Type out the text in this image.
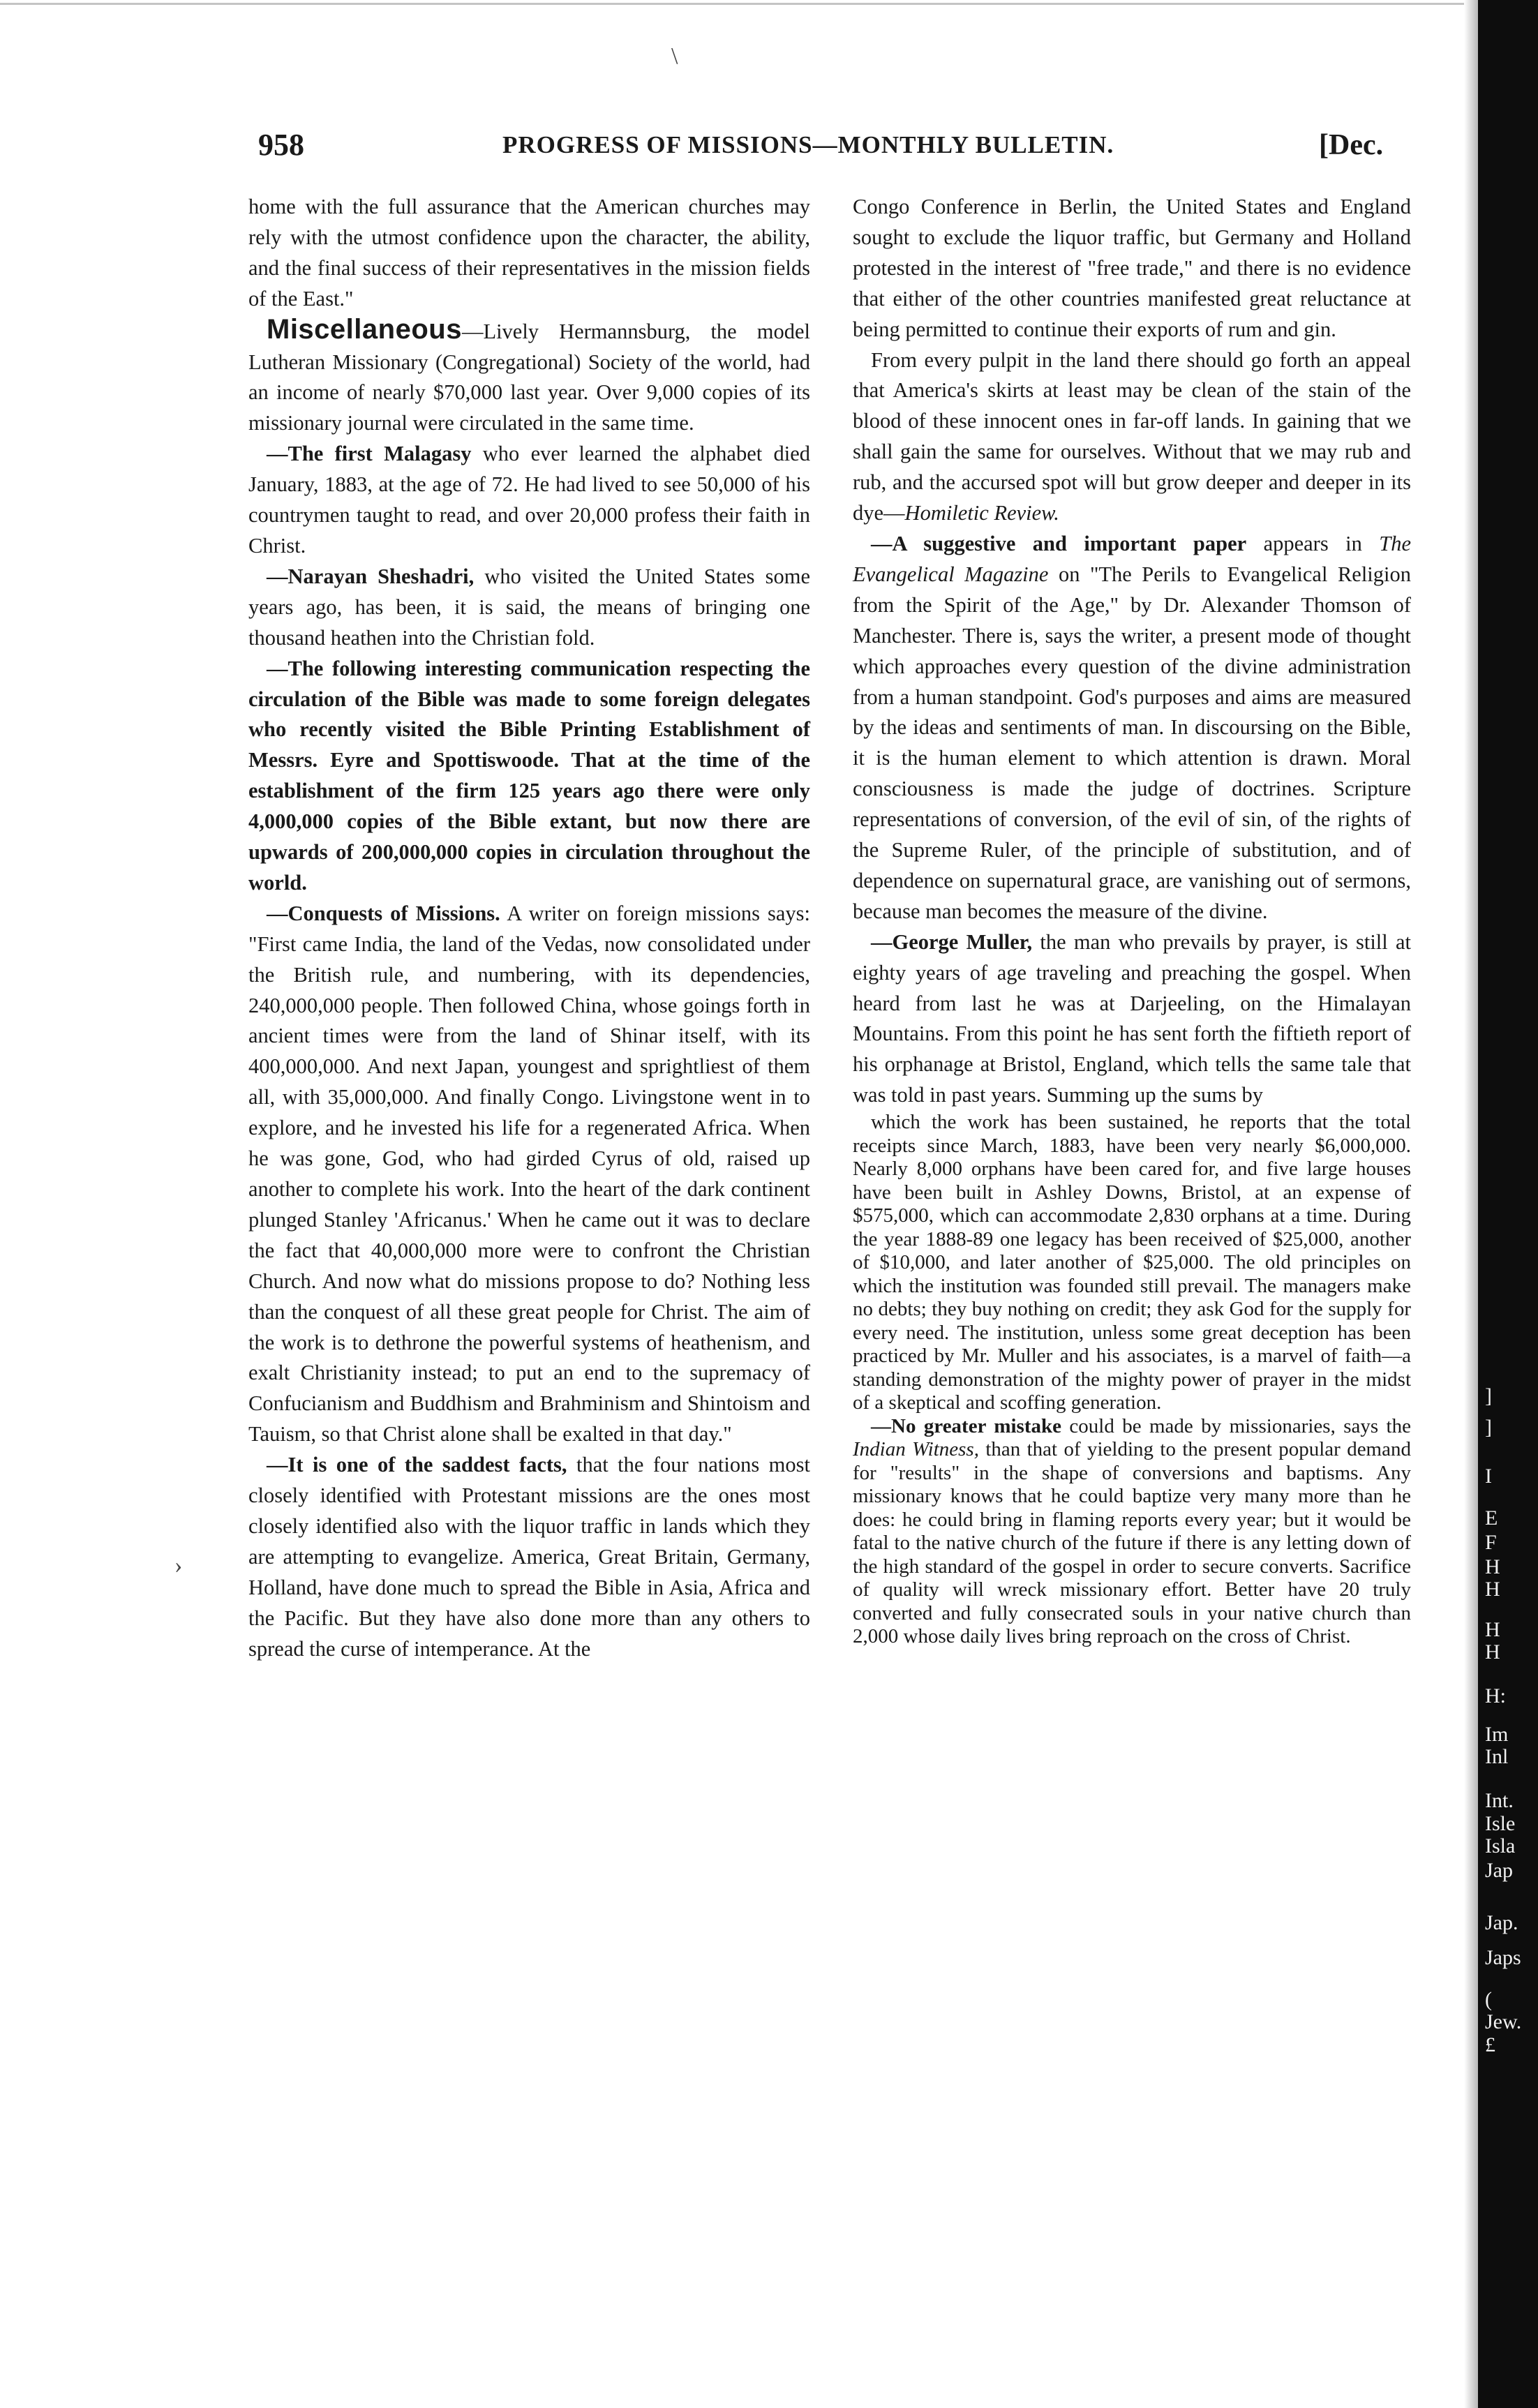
\
›
958	PROGRESS OF MISSIONS—MONTHLY BULLETIN.	[Dec.

home with the full assurance that the American churches may rely with the utmost confidence upon the character, the ability, and the final success of their representatives in the mission fields of the East."

Miscellaneous—Lively Hermannsburg, the model Lutheran Missionary (Congregational) Society of the world, had an income of nearly $70,000 last year. Over 9,000 copies of its missionary journal were circulated in the same time.

—The first Malagasy who ever learned the alphabet died January, 1883, at the age of 72. He had lived to see 50,000 of his countrymen taught to read, and over 20,000 profess their faith in Christ.

—Narayan Sheshadri, who visited the United States some years ago, has been, it is said, the means of bringing one thousand heathen into the Christian fold.

—The following interesting communication respecting the circulation of the Bible was made to some foreign delegates who recently visited the Bible Printing Establishment of Messrs. Eyre and Spottiswoode. That at the time of the establishment of the firm 125 years ago there were only 4,000,000 copies of the Bible extant, but now there are upwards of 200,000,000 copies in circulation throughout the world.

—Conquests of Missions. A writer on foreign missions says: "First came India, the land of the Vedas, now consolidated under the British rule, and numbering, with its dependencies, 240,000,000 people. Then followed China, whose goings forth in ancient times were from the land of Shinar itself, with its 400,000,000. And next Japan, youngest and sprightliest of them all, with 35,000,000. And finally Congo. Livingstone went in to explore, and he invested his life for a regenerated Africa. When he was gone, God, who had girded Cyrus of old, raised up another to complete his work. Into the heart of the dark continent plunged Stanley 'Africanus.' When he came out it was to declare the fact that 40,000,000 more were to confront the Christian Church. And now what do missions propose to do? Nothing less than the conquest of all these great people for Christ. The aim of the work is to dethrone the powerful systems of heathenism, and exalt Christianity instead; to put an end to the supremacy of Confucianism and Buddhism and Brahminism and Shintoism and Tauism, so that Christ alone shall be exalted in that day."

—It is one of the saddest facts, that the four nations most closely identified with Protestant missions are the ones most closely identified also with the liquor traffic in lands which they are attempting to evangelize. America, Great Britain, Germany, Holland, have done much to spread the Bible in Asia, Africa and the Pacific. But they have also done more than any others to spread the curse of intemperance. At the

Congo Conference in Berlin, the United States and England sought to exclude the liquor traffic, but Germany and Holland protested in the interest of "free trade," and there is no evidence that either of the other countries manifested great reluctance at being permitted to continue their exports of rum and gin.

From every pulpit in the land there should go forth an appeal that America's skirts at least may be clean of the stain of the blood of these innocent ones in far-off lands. In gaining that we shall gain the same for ourselves. Without that we may rub and rub, and the accursed spot will but grow deeper and deeper in its dye—Homiletic Review.

—A suggestive and important paper appears in The Evangelical Magazine on "The Perils to Evangelical Religion from the Spirit of the Age," by Dr. Alexander Thomson of Manchester. There is, says the writer, a present mode of thought which approaches every question of the divine administration from a human standpoint. God's purposes and aims are measured by the ideas and sentiments of man. In discoursing on the Bible, it is the human element to which attention is drawn. Moral consciousness is made the judge of doctrines. Scripture representations of conversion, of the evil of sin, of the rights of the Supreme Ruler, of the principle of substitution, and of dependence on supernatural grace, are vanishing out of sermons, because man becomes the measure of the divine.

—George Muller, the man who prevails by prayer, is still at eighty years of age traveling and preaching the gospel. When heard from last he was at Darjeeling, on the Himalayan Mountains. From this point he has sent forth the fiftieth report of his orphanage at Bristol, England, which tells the same tale that was told in past years. Summing up the sums by

which the work has been sustained, he reports that the total receipts since March, 1883, have been very nearly $6,000,000. Nearly 8,000 orphans have been cared for, and five large houses have been built in Ashley Downs, Bristol, at an expense of $575,000, which can accommodate 2,830 orphans at a time. During the year 1888-89 one legacy has been received of $25,000, another of $10,000, and later another of $25,000. The old principles on which the institution was founded still prevail. The managers make no debts; they buy nothing on credit; they ask God for the supply for every need. The institution, unless some great deception has been practiced by Mr. Muller and his associates, is a marvel of faith—a standing demonstration of the mighty power of prayer in the midst of a skeptical and scoffing generation.

—No greater mistake could be made by missionaries, says the Indian Witness, than that of yielding to the present popular demand for "results" in the shape of conversions and baptisms. Any missionary knows that he could baptize very many more than he does: he could bring in flaming reports every year; but it would be fatal to the native church of the future if there is any letting down of the high standard of the gospel in order to secure converts. Sacrifice of quality will wreck missionary effort. Better have 20 truly converted and fully consecrated souls in your native church than 2,000 whose daily lives bring reproach on the cross of Christ.

]
]
I
E
F
H
H
H
H
H:
Im
Inl
Int.
Isle
Isla
Jap
Jap.
Japs
(
Jew.
£
